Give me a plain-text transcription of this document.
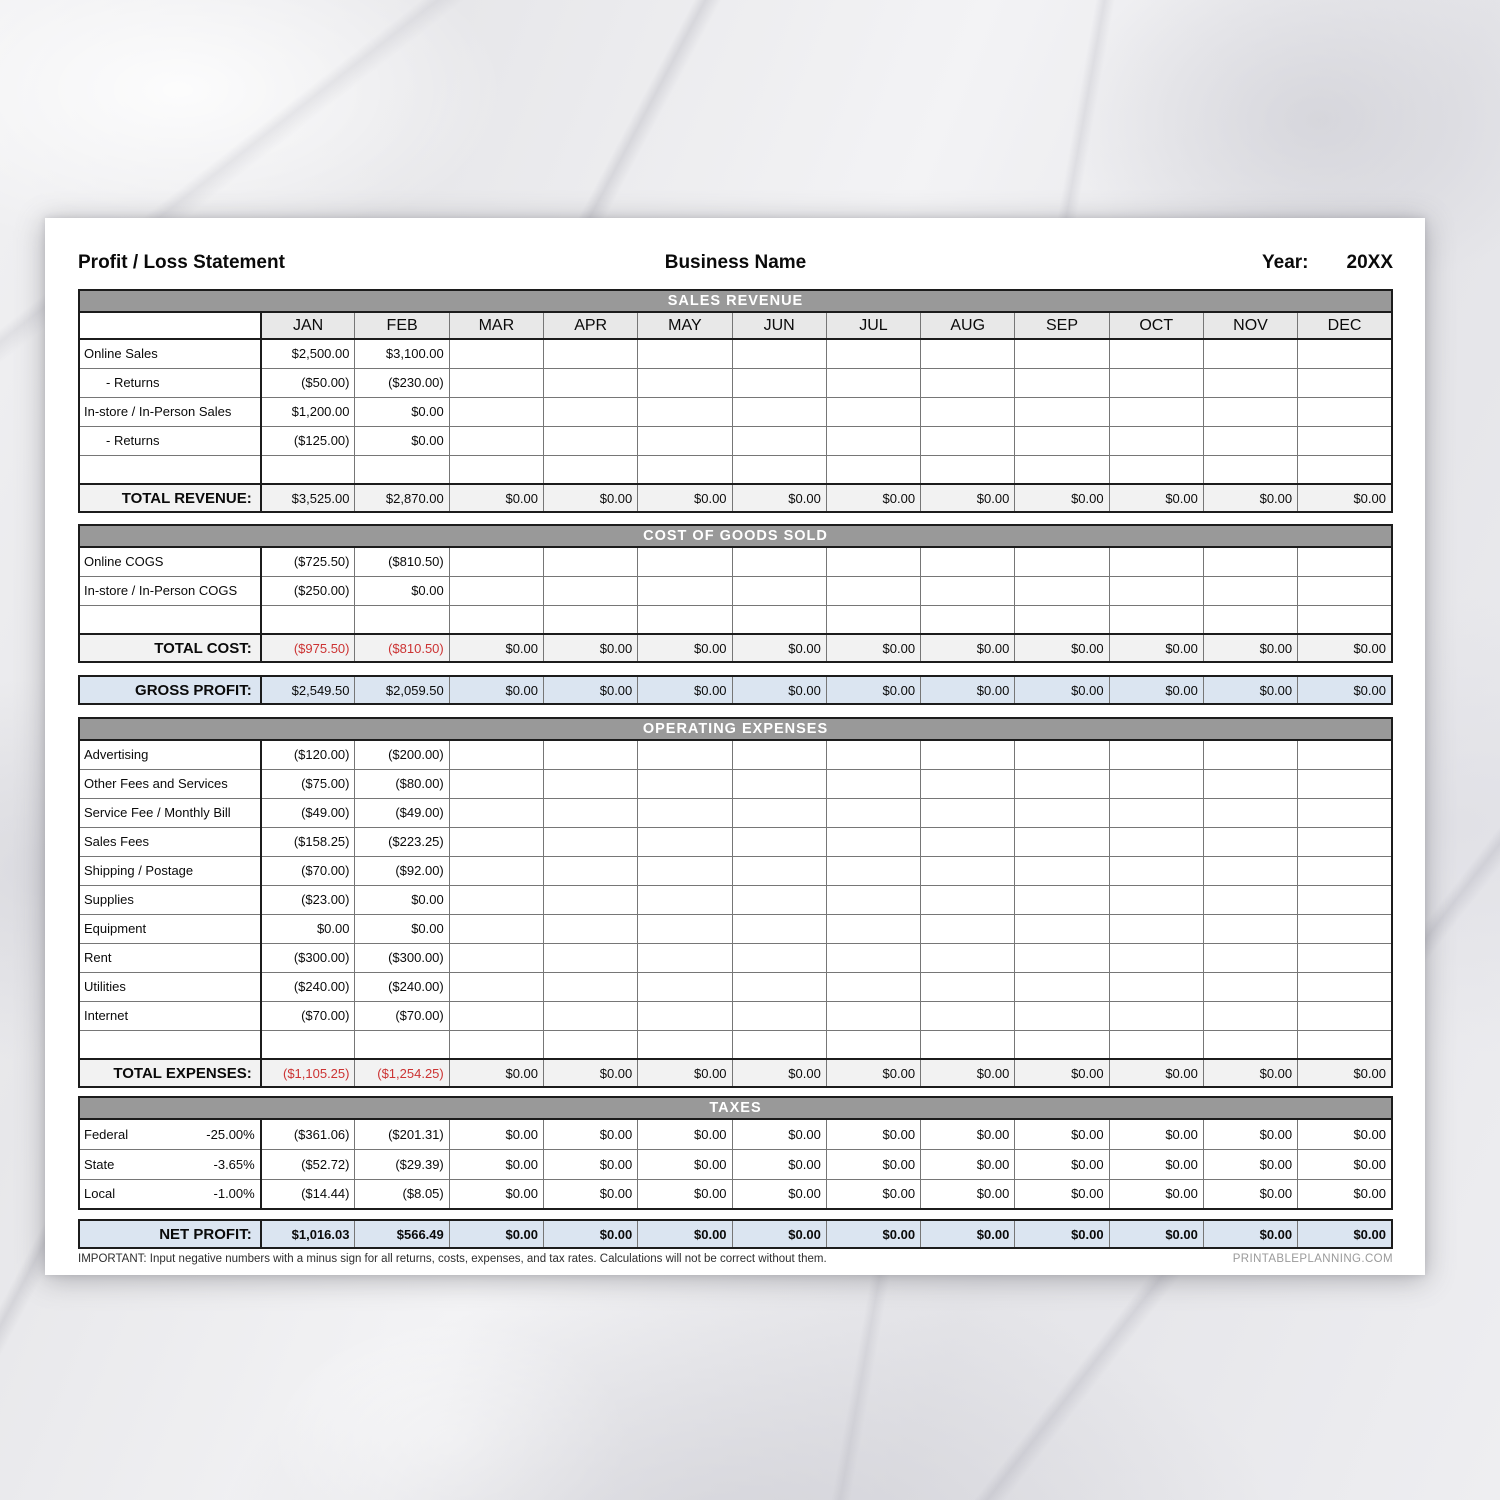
Profit / Loss Statement	Business Name	Year: 20XX
SALES REVENUE												
	JAN	FEB	MAR	APR	MAY	JUN	JUL	AUG	SEP	OCT	NOV	DEC
Online Sales	$2,500.00	$3,100.00										
- Returns	($50.00)	($230.00)										
In-store / In-Person Sales	$1,200.00	$0.00										
- Returns	($125.00)	$0.00										

TOTAL REVENUE:	$3,525.00	$2,870.00	$0.00	$0.00	$0.00	$0.00	$0.00	$0.00	$0.00	$0.00	$0.00	$0.00
COST OF GOODS SOLD												
Online COGS	($725.50)	($810.50)										
In-store / In-Person COGS	($250.00)	$0.00										

TOTAL COST:	($975.50)	($810.50)	$0.00	$0.00	$0.00	$0.00	$0.00	$0.00	$0.00	$0.00	$0.00	$0.00
GROSS PROFIT:	$2,549.50	$2,059.50	$0.00	$0.00	$0.00	$0.00	$0.00	$0.00	$0.00	$0.00	$0.00	$0.00
OPERATING EXPENSES												
Advertising	($120.00)	($200.00)										
Other Fees and Services	($75.00)	($80.00)										
Service Fee / Monthly Bill	($49.00)	($49.00)										
Sales Fees	($158.25)	($223.25)										
Shipping / Postage	($70.00)	($92.00)										
Supplies	($23.00)	$0.00										
Equipment	$0.00	$0.00										
Rent	($300.00)	($300.00)										
Utilities	($240.00)	($240.00)										
Internet	($70.00)	($70.00)										

TOTAL EXPENSES:	($1,105.25)	($1,254.25)	$0.00	$0.00	$0.00	$0.00	$0.00	$0.00	$0.00	$0.00	$0.00	$0.00
TAXES												

Federal -25.00%	($361.06)	($201.31)	$0.00	$0.00	$0.00	$0.00	$0.00	$0.00	$0.00	$0.00	$0.00	$0.00

State -3.65%	($52.72)	($29.39)	$0.00	$0.00	$0.00	$0.00	$0.00	$0.00	$0.00	$0.00	$0.00	$0.00

Local -1.00%	($14.44)	($8.05)	$0.00	$0.00	$0.00	$0.00	$0.00	$0.00	$0.00	$0.00	$0.00	$0.00
NET PROFIT:	$1,016.03	$566.49	$0.00	$0.00	$0.00	$0.00	$0.00	$0.00	$0.00	$0.00	$0.00	$0.00
IMPORTANT: Input negative numbers with a minus sign for all returns, costs, expenses, and tax rates. Calculations will not be correct without them.	PRINTABLEPLANNING.COM
